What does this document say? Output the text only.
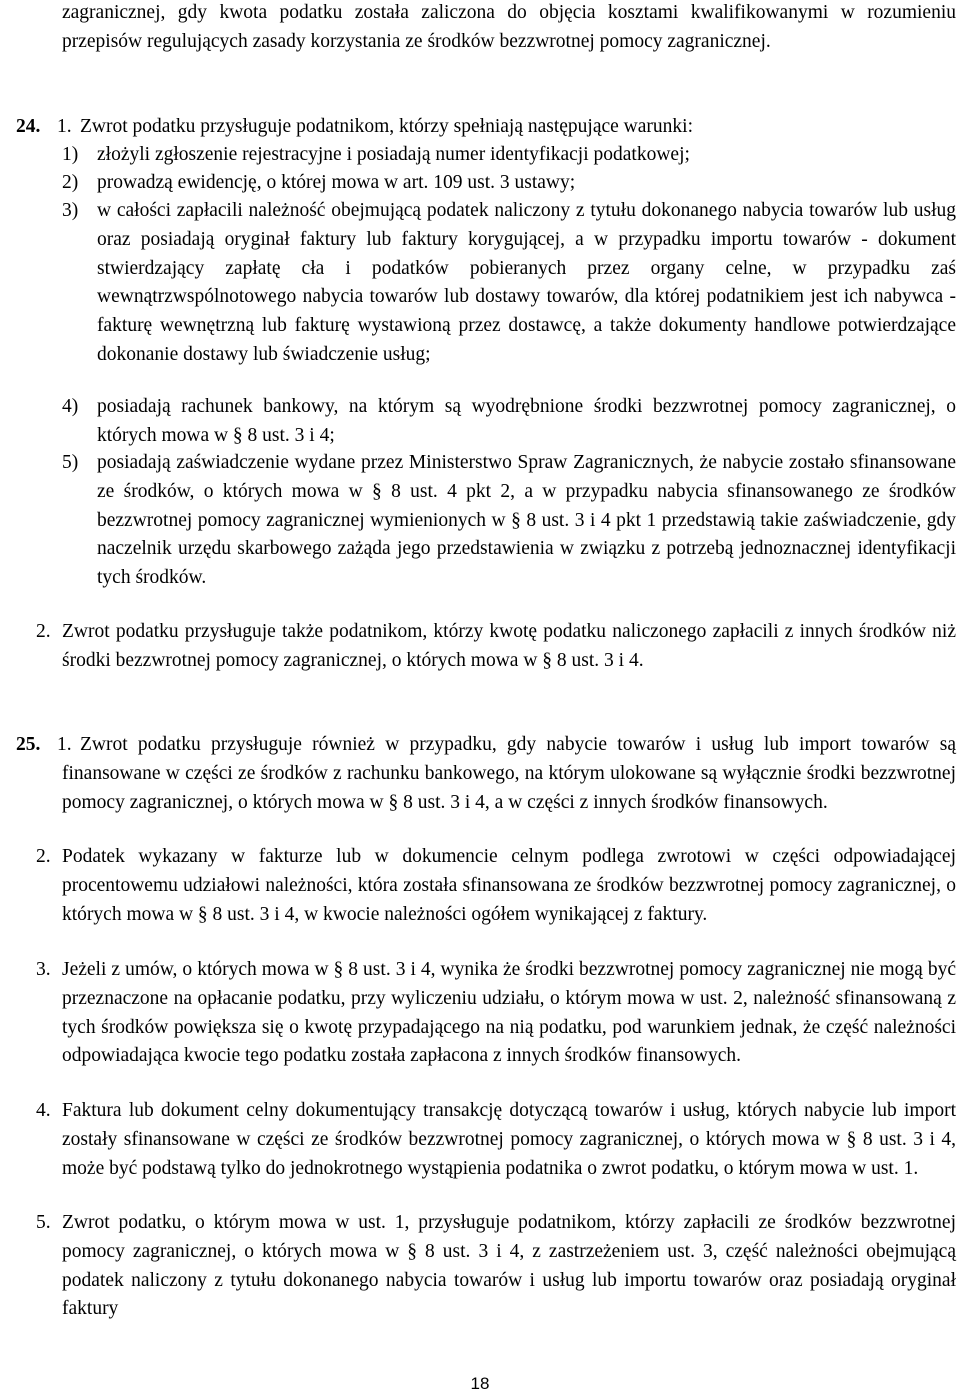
zagranicznej, gdy kwota podatku została zaliczona do objęcia kosztami kwalifikowanymi w rozumieniu przepisów regulujących zasady korzystania ze środków bezzwrotnej pomocy zagranicznej.
24. 1. Zwrot podatku przysługuje podatnikom, którzy spełniają następujące warunki:
1) złożyli zgłoszenie rejestracyjne i posiadają numer identyfikacji podatkowej;
2) prowadzą ewidencję, o której mowa w art. 109 ust. 3 ustawy;
3) w całości zapłacili należność obejmującą podatek naliczony z tytułu dokonanego nabycia towarów lub usług oraz posiadają oryginał faktury lub faktury korygującej, a w przypadku importu towarów - dokument stwierdzający zapłatę cła i podatków pobieranych przez organy celne, w przypadku zaś wewnątrzwspólnotowego nabycia towarów lub dostawy towarów, dla której podatnikiem jest ich nabywca - fakturę wewnętrzną lub fakturę wystawioną przez dostawcę, a także dokumenty handlowe potwierdzające dokonanie dostawy lub świadczenie usług;
4) posiadają rachunek bankowy, na którym są wyodrębnione środki bezzwrotnej pomocy zagranicznej, o których mowa w § 8 ust. 3 i 4;
5) posiadają zaświadczenie wydane przez Ministerstwo Spraw Zagranicznych, że nabycie zostało sfinansowane ze środków, o których mowa w § 8 ust. 4 pkt 2, a w przypadku nabycia sfinansowanego ze środków bezzwrotnej pomocy zagranicznej wymienionych w § 8 ust. 3 i 4 pkt 1 przedstawią takie zaświadczenie, gdy naczelnik urzędu skarbowego zażąda jego przedstawienia w związku z potrzebą jednoznacznej identyfikacji tych środków.
2. Zwrot podatku przysługuje także podatnikom, którzy kwotę podatku naliczonego zapłacili z innych środków niż środki bezzwrotnej pomocy zagranicznej, o których mowa w § 8 ust. 3 i 4.
25. 1. Zwrot podatku przysługuje również w przypadku, gdy nabycie towarów i usług lub import towarów są finansowane w części ze środków z rachunku bankowego, na którym ulokowane są wyłącznie środki bezzwrotnej pomocy zagranicznej, o których mowa w § 8 ust. 3 i 4, a w części z innych środków finansowych.
2. Podatek wykazany w fakturze lub w dokumencie celnym podlega zwrotowi w części odpowiadającej procentowemu udziałowi należności, która została sfinansowana ze środków bezzwrotnej pomocy zagranicznej, o których mowa w § 8 ust. 3 i 4, w kwocie należności ogółem wynikającej z faktury.
3. Jeżeli z umów, o których mowa w § 8 ust. 3 i 4, wynika że środki bezzwrotnej pomocy zagranicznej nie mogą być przeznaczone na opłacanie podatku, przy wyliczeniu udziału, o którym mowa w ust. 2, należność sfinansowaną z tych środków powiększa się o kwotę przypadającego na nią podatku, pod warunkiem jednak, że część należności odpowiadająca kwocie tego podatku została zapłacona z innych środków finansowych.
4. Faktura lub dokument celny dokumentujący transakcję dotyczącą towarów i usług, których nabycie lub import zostały sfinansowane w części ze środków bezzwrotnej pomocy zagranicznej, o których mowa w § 8 ust. 3 i 4, może być podstawą tylko do jednokrotnego wystąpienia podatnika o zwrot podatku, o którym mowa w ust. 1.
5. Zwrot podatku, o którym mowa w ust. 1, przysługuje podatnikom, którzy zapłacili ze środków bezzwrotnej pomocy zagranicznej, o których mowa w § 8 ust. 3 i 4, z zastrzeżeniem ust. 3, część należności obejmującą podatek naliczony z tytułu dokonanego nabycia towarów i usług lub importu towarów oraz posiadają oryginał faktury
18
